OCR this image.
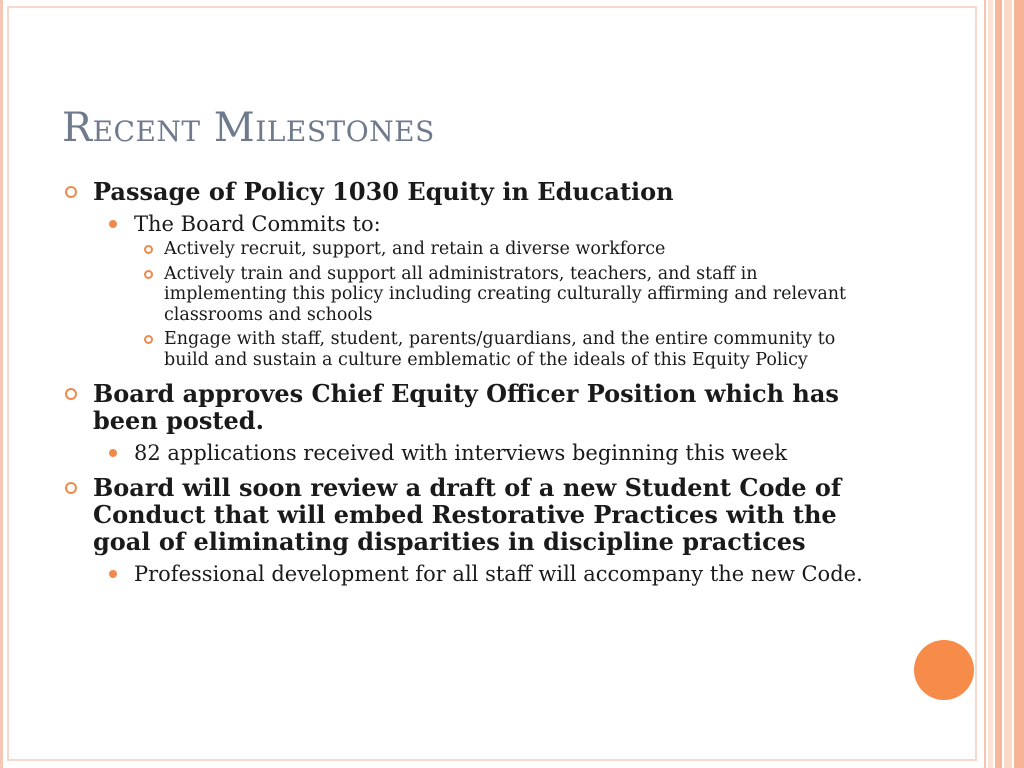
Recent Milestones
Passage of Policy 1030 Equity in Education
The Board Commits to:
Actively recruit, support, and retain a diverse workforce
Actively train and support all administrators, teachers, and staff in implementing this policy including creating culturally affirming and relevant classrooms and schools
Engage with staff, student, parents/guardians, and the entire community to build and sustain a culture emblematic of the ideals of this Equity Policy
Board approves Chief Equity Officer Position which has been posted.
82 applications received with interviews beginning this week
Board will soon review a draft of a new Student Code of Conduct that will embed Restorative Practices with the goal of eliminating disparities in discipline practices
Professional development for all staff will accompany the new Code.
